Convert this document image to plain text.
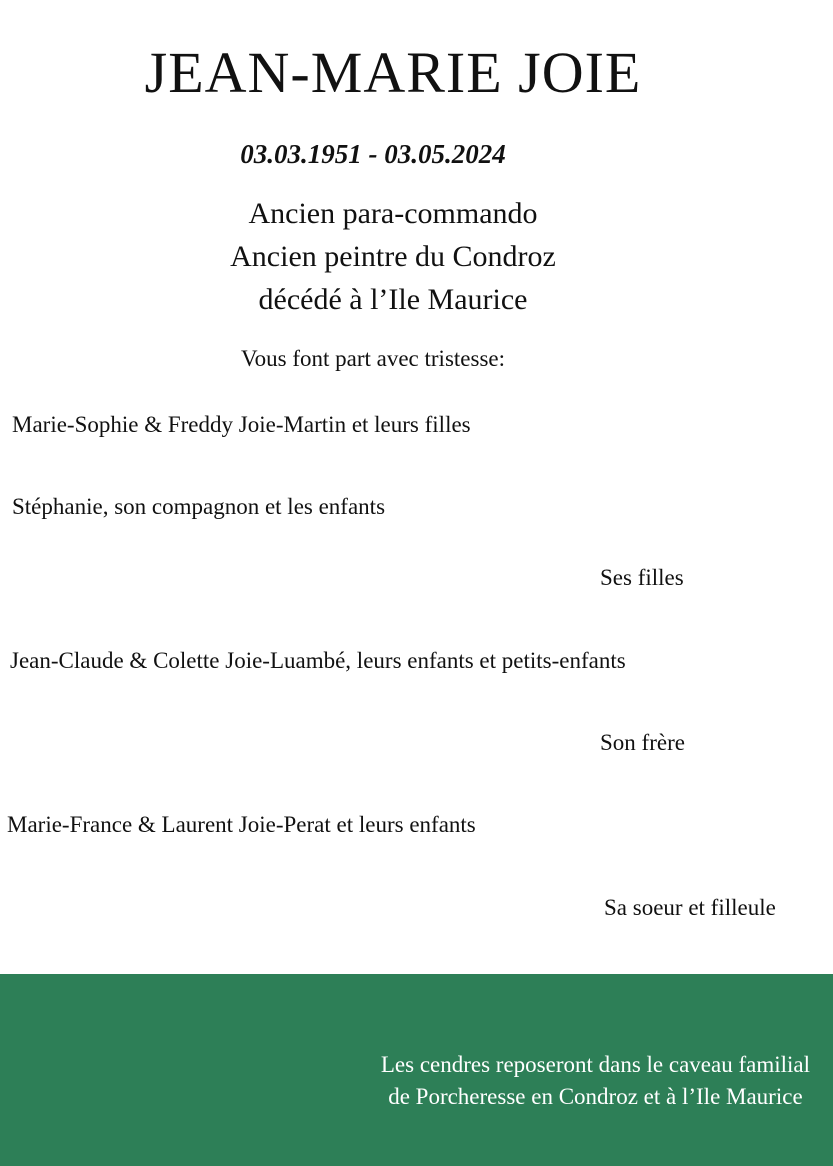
JEAN-MARIE JOIE
03.03.1951 - 03.05.2024
Ancien para-commando
Ancien peintre du Condroz
décédé à l’Ile Maurice
Vous font part avec tristesse:
Marie-Sophie & Freddy Joie-Martin et leurs filles
Stéphanie, son compagnon et les enfants
Ses filles
Jean-Claude & Colette Joie-Luambé, leurs enfants et petits-enfants
Son frère
Marie-France & Laurent Joie-Perat et leurs enfants
Sa soeur et filleule
Les cendres reposeront dans le caveau familial
de Porcheresse en Condroz et à l’Ile Maurice
